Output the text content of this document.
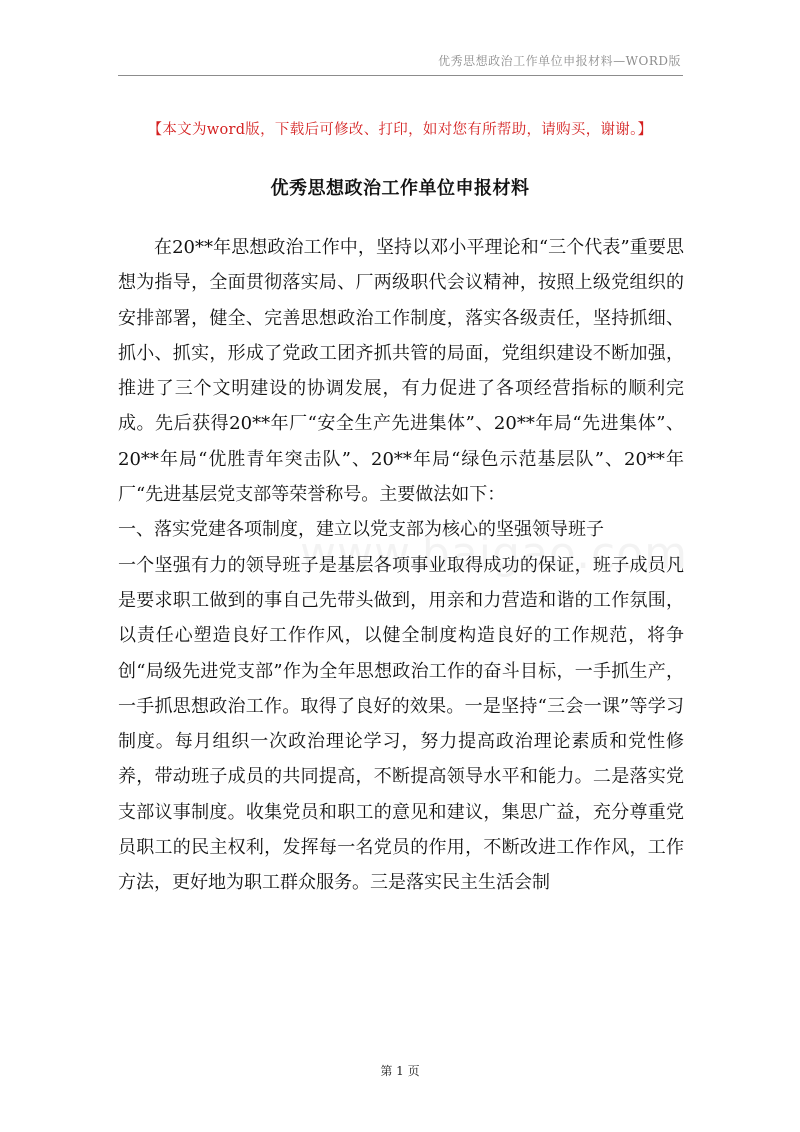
优秀思想政治工作单位申报材料—WORD版
【本文为word版，下载后可修改、打印，如对您有所帮助，请购买，谢谢。】
优秀思想政治工作单位申报材料

在20**年思想政治工作中，坚持以邓小平理论和“三个代表”重要思想为指导，全面贯彻落实局、厂两级职代会议精神，按照上级党组织的安排部署，健全、完善思想政治工作制度，落实各级责任，坚持抓细、抓小、抓实，形成了党政工团齐抓共管的局面，党组织建设不断加强，推进了三个文明建设的协调发展，有力促进了各项经营指标的顺利完成。先后获得20**年厂“安全生产先进集体”、20**年局“先进集体”、20**年局“优胜青年突击队”、20**年局“绿色示范基层队”、20**年厂“先进基层党支部等荣誉称号。主要做法如下：

一、落实党建各项制度，建立以党支部为核心的坚强领导班子

一个坚强有力的领导班子是基层各项事业取得成功的保证，班子成员凡是要求职工做到的事自己先带头做到，用亲和力营造和谐的工作氛围，以责任心塑造良好工作作风，以健全制度构造良好的工作规范，将争创“局级先进党支部”作为全年思想政治工作的奋斗目标，一手抓生产，一手抓思想政治工作。取得了良好的效果。一是坚持“三会一课”等学习制度。每月组织一次政治理论学习，努力提高政治理论素质和党性修养，带动班子成员的共同提高，不断提高领导水平和能力。二是落实党支部议事制度。收集党员和职工的意见和建议，集思广益，充分尊重党员职工的民主权利，发挥每一名党员的作用，不断改进工作作风，工作方法，更好地为职工群众服务。三是落实民主生活会制

第 1 页
